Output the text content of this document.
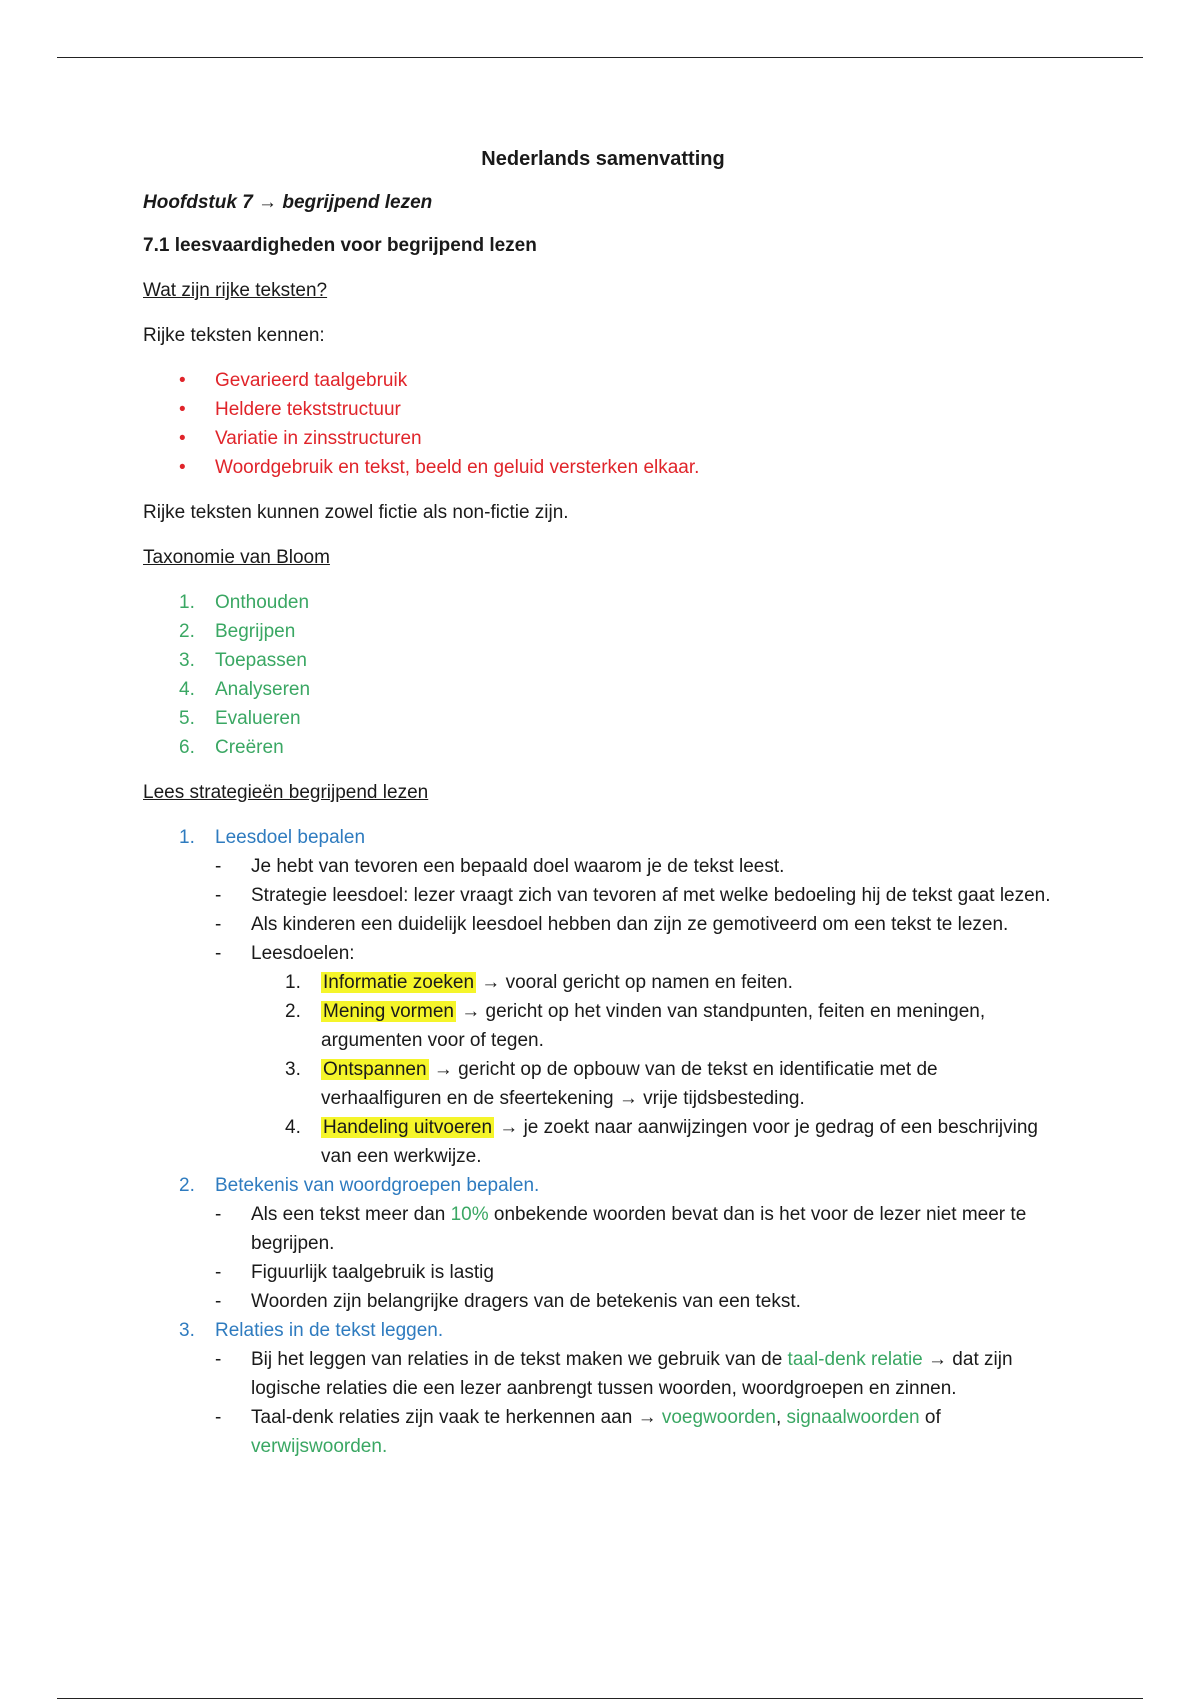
Nederlands samenvatting
Hoofdstuk 7 → begrijpend lezen
7.1 leesvaardigheden voor begrijpend lezen
Wat zijn rijke teksten?
Rijke teksten kennen:
• Gevarieerd taalgebruik
• Heldere tekststructuur
• Variatie in zinsstructuren
• Woordgebruik en tekst, beeld en geluid versterken elkaar.
Rijke teksten kunnen zowel fictie als non-fictie zijn.
Taxonomie van Bloom
1. Onthouden
2. Begrijpen
3. Toepassen
4. Analyseren
5. Evalueren
6. Creëren
Lees strategieën begrijpend lezen
1. Leesdoel bepalen
- Je hebt van tevoren een bepaald doel waarom je de tekst leest.
- Strategie leesdoel: lezer vraagt zich van tevoren af met welke bedoeling hij de tekst gaat lezen.
- Als kinderen een duidelijk leesdoel hebben dan zijn ze gemotiveerd om een tekst te lezen.
- Leesdoelen:
1. Informatie zoeken → vooral gericht op namen en feiten.
2. Mening vormen → gericht op het vinden van standpunten, feiten en meningen, argumenten voor of tegen.
3. Ontspannen → gericht op de opbouw van de tekst en identificatie met de verhaalfiguren en de sfeertekening → vrije tijdsbesteding.
4. Handeling uitvoeren → je zoekt naar aanwijzingen voor je gedrag of een beschrijving van een werkwijze.
2. Betekenis van woordgroepen bepalen.
- Als een tekst meer dan 10% onbekende woorden bevat dan is het voor de lezer niet meer te begrijpen.
- Figuurlijk taalgebruik is lastig
- Woorden zijn belangrijke dragers van de betekenis van een tekst.
3. Relaties in de tekst leggen.
- Bij het leggen van relaties in de tekst maken we gebruik van de taal-denk relatie → dat zijn logische relaties die een lezer aanbrengt tussen woorden, woordgroepen en zinnen.
- Taal-denk relaties zijn vaak te herkennen aan → voegwoorden, signaalwoorden of verwijswoorden.
